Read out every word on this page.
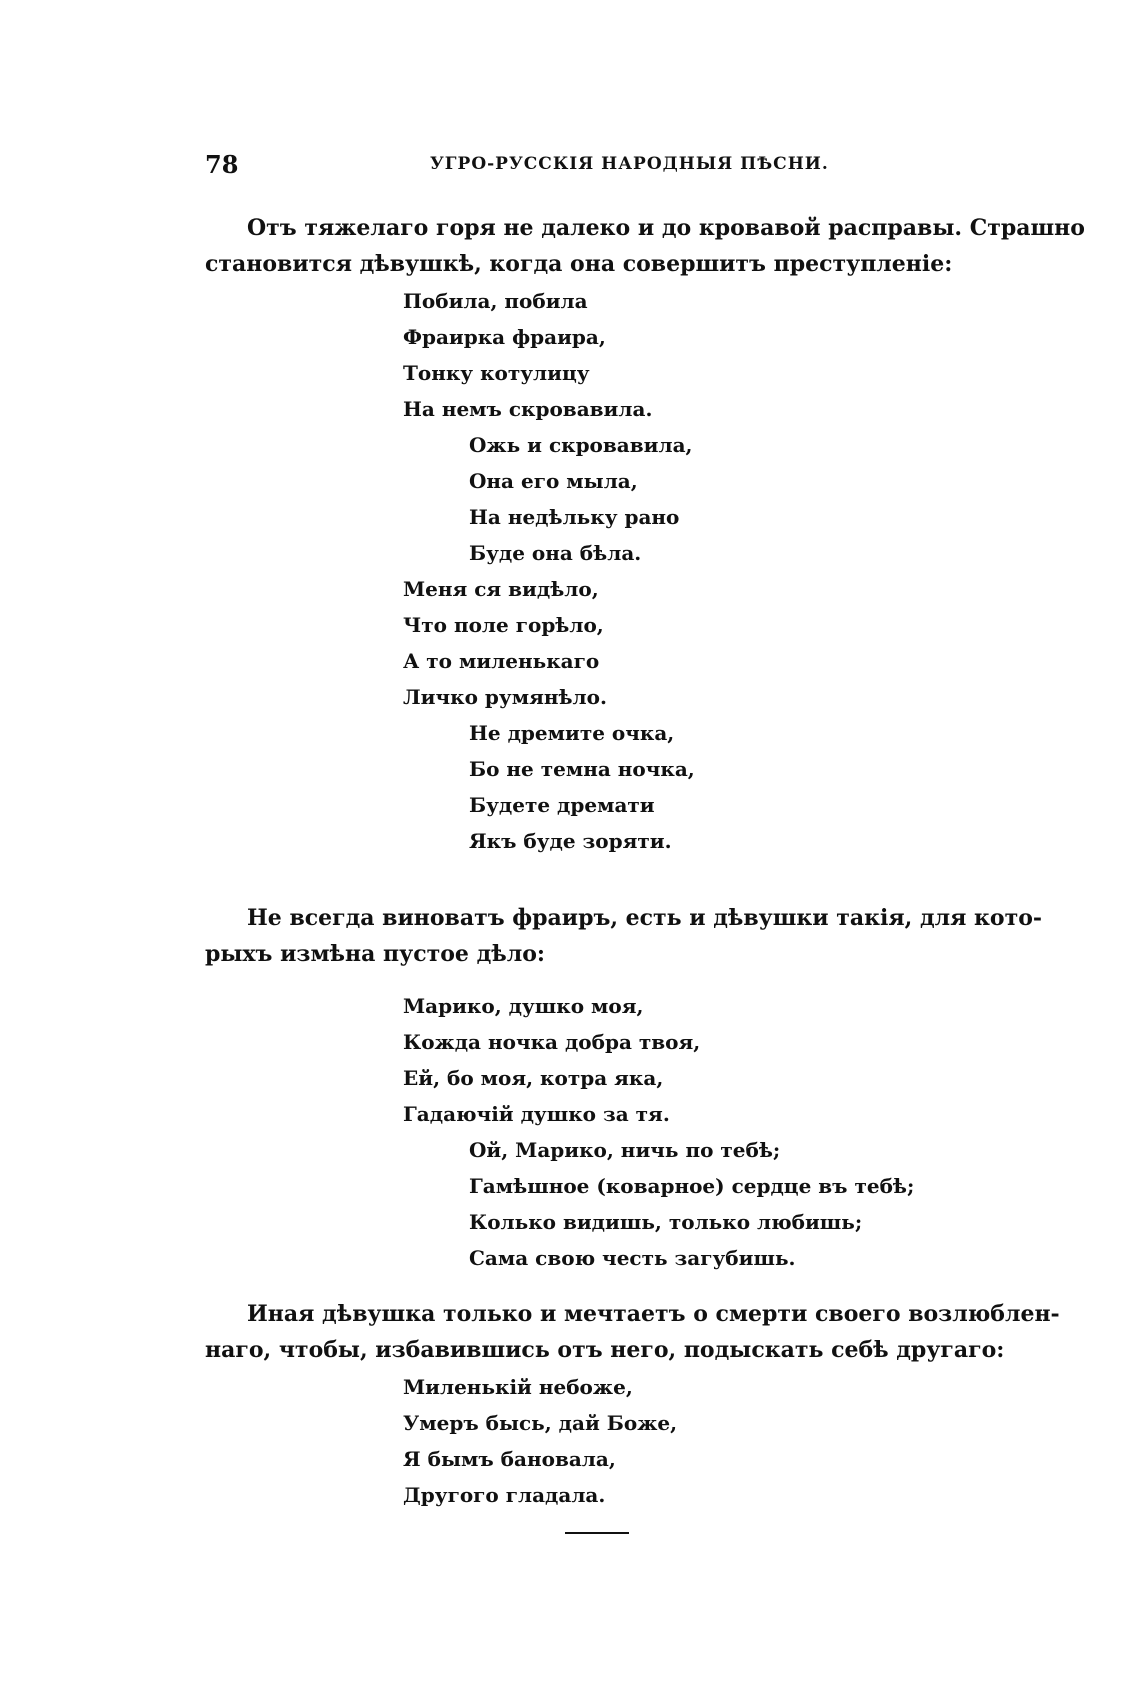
78	УГРО-РУССКІЯ НАРОДНЫЯ ПѢСНИ.

Отъ тяжелаго горя не далеко и до кровавой расправы. Страшно
становится дѣвушкѣ, когда она совершитъ преступленіе:

Побила, побила
Фраирка фраира,
Тонку котулицу
На немъ скровавила.
Ожь и скровавила,
Она его мыла,
На недѣльку рано
Буде она бѣла.
Меня ся видѣло,
Что поле горѣло,
А то миленькаго
Личко румянѣло.
Не дремите очка,
Бо не темна ночка,
Будете дремати
Якъ буде зоряти.

Не всегда виноватъ фраиръ, есть и дѣвушки такія, для кото-
рыхъ измѣна пустое дѣло:

Марико, душко моя,
Кожда ночка добра твоя,
Ей, бо моя, котра яка,
Гадаючій душко за тя.
Ой, Марико, ничь по тебѣ;
Гамѣшное (коварное) сердце въ тебѣ;
Колько видишь, только любишь;
Сама свою честь загубишь.

Иная дѣвушка только и мечтаетъ о смерти своего возлюблен-
наго, чтобы, избавившись отъ него, подыскать себѣ другаго:

Миленькій небоже,
Умеръ бысь, дай Боже,
Я бымъ бановала,
Другого гладала.
